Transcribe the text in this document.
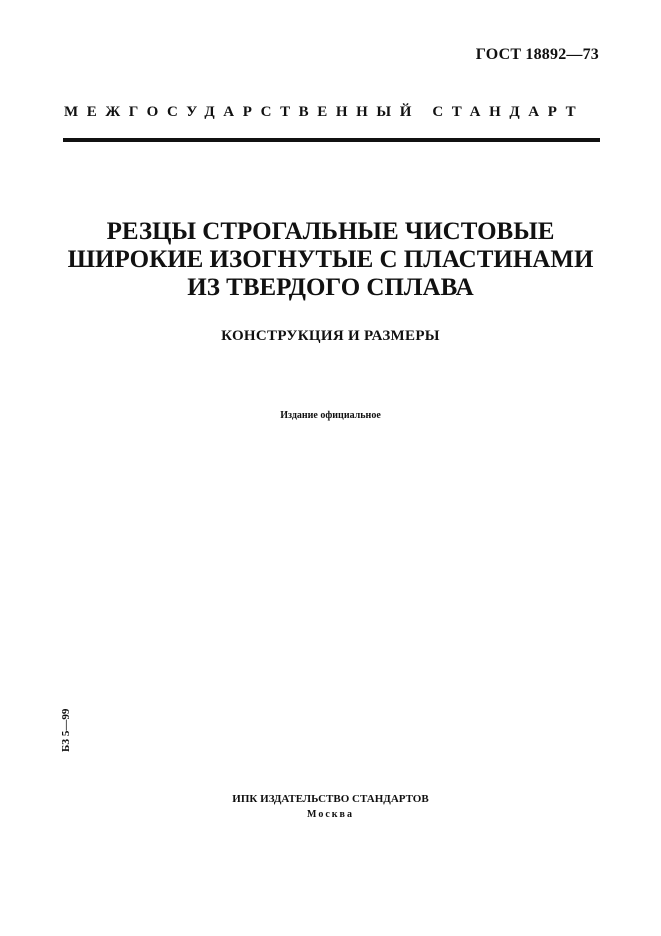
ГОСТ 18892—73
МЕЖГОСУДАРСТВЕННЫЙ СТАНДАРТ
РЕЗЦЫ СТРОГАЛЬНЫЕ ЧИСТОВЫЕ
ШИРОКИЕ ИЗОГНУТЫЕ С ПЛАСТИНАМИ
ИЗ ТВЕРДОГО СПЛАВА
КОНСТРУКЦИЯ И РАЗМЕРЫ
Издание официальное
БЗ 5—99
ИПК ИЗДАТЕЛЬСТВО СТАНДАРТОВ
Москва
